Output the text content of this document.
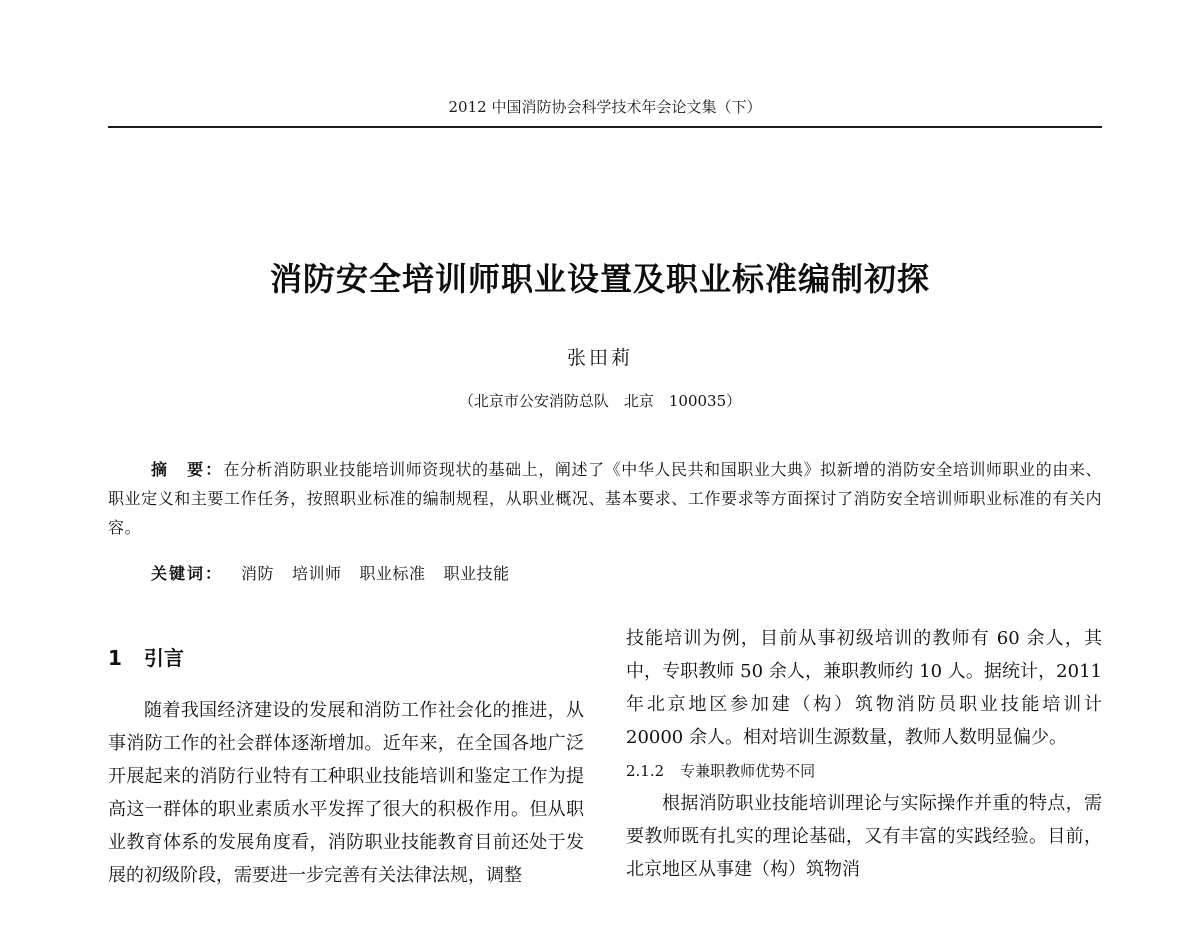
2012 中国消防协会科学技术年会论文集（下）
消防安全培训师职业设置及职业标准编制初探
张田莉
（北京市公安消防总队　北京　100035）

摘　要：在分析消防职业技能培训师资现状的基础上，阐述了《中华人民共和国职业大典》拟新增的消防安全培训师职业的由来、职业定义和主要工作任务，按照职业标准的编制规程，从职业概况、基本要求、工作要求等方面探讨了消防安全培训师职业标准的有关内容。

关键词： 消防 培训师 职业标准 职业技能

1 引言

随着我国经济建设的发展和消防工作社会化的推进，从事消防工作的社会群体逐渐增加。近年来，在全国各地广泛开展起来的消防行业特有工种职业技能培训和鉴定工作为提高这一群体的职业素质水平发挥了很大的积极作用。但从职业教育体系的发展角度看，消防职业技能教育目前还处于发展的初级阶段，需要进一步完善有关法律法规，调整

技能培训为例，目前从事初级培训的教师有 60 余人，其中，专职教师 50 余人，兼职教师约 10 人。据统计，2011 年北京地区参加建（构）筑物消防员职业技能培训计 20000 余人。相对培训生源数量，教师人数明显偏少。

2.1.2 专兼职教师优势不同

根据消防职业技能培训理论与实际操作并重的特点，需要教师既有扎实的理论基础，又有丰富的实践经验。目前，北京地区从事建（构）筑物消
